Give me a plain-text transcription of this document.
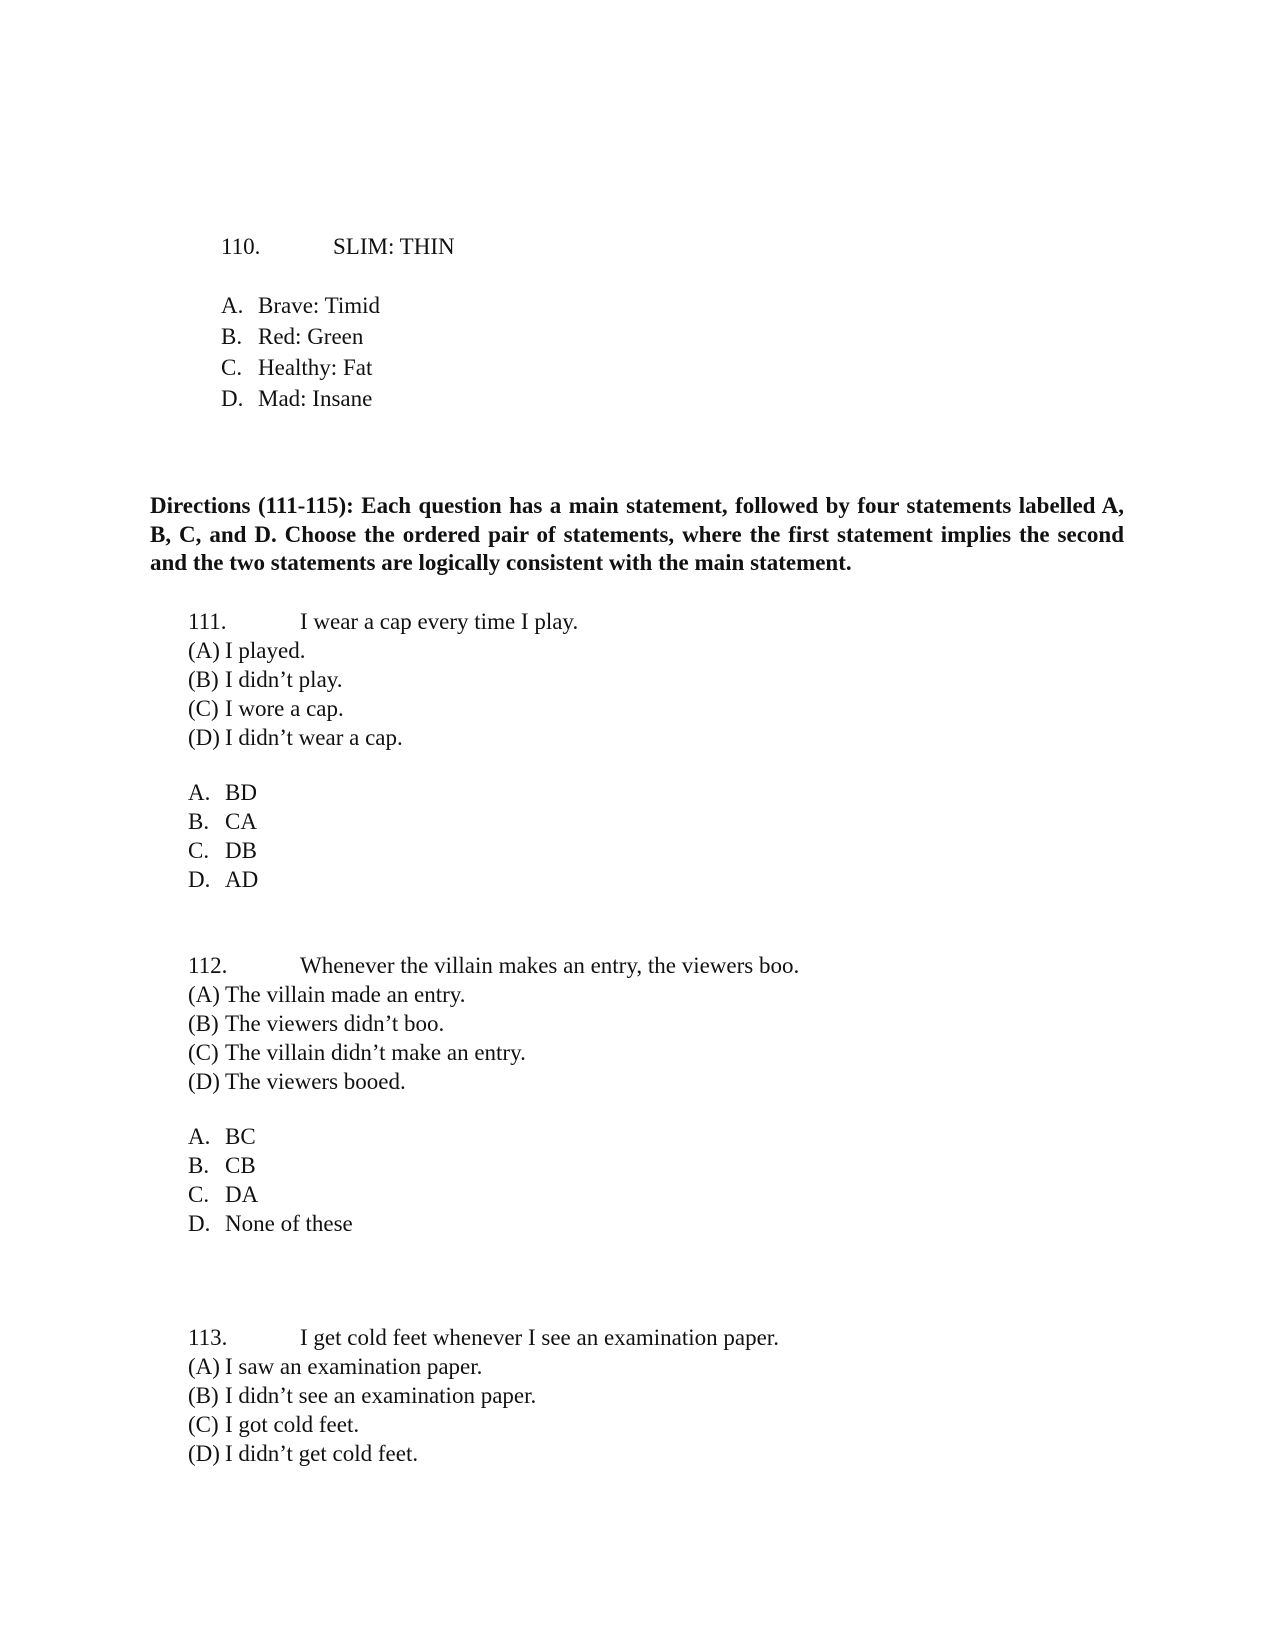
110.	SLIM: THIN
A. Brave: Timid
B. Red: Green
C. Healthy: Fat
D. Mad: Insane
Directions (111-115): Each question has a main statement, followed by four statements labelled A, B, C, and D. Choose the ordered pair of statements, where the first statement implies the second and the two statements are logically consistent with the main statement.
111.	I wear a cap every time I play.
(A) I played.
(B) I didn’t play.
(C) I wore a cap.
(D) I didn’t wear a cap.
A. BD
B. CA
C. DB
D. AD
112.	Whenever the villain makes an entry, the viewers boo.
(A) The villain made an entry.
(B) The viewers didn’t boo.
(C) The villain didn’t make an entry.
(D) The viewers booed.
A. BC
B. CB
C. DA
D. None of these
113.	I get cold feet whenever I see an examination paper.
(A) I saw an examination paper.
(B) I didn’t see an examination paper.
(C) I got cold feet.
(D) I didn’t get cold feet.
